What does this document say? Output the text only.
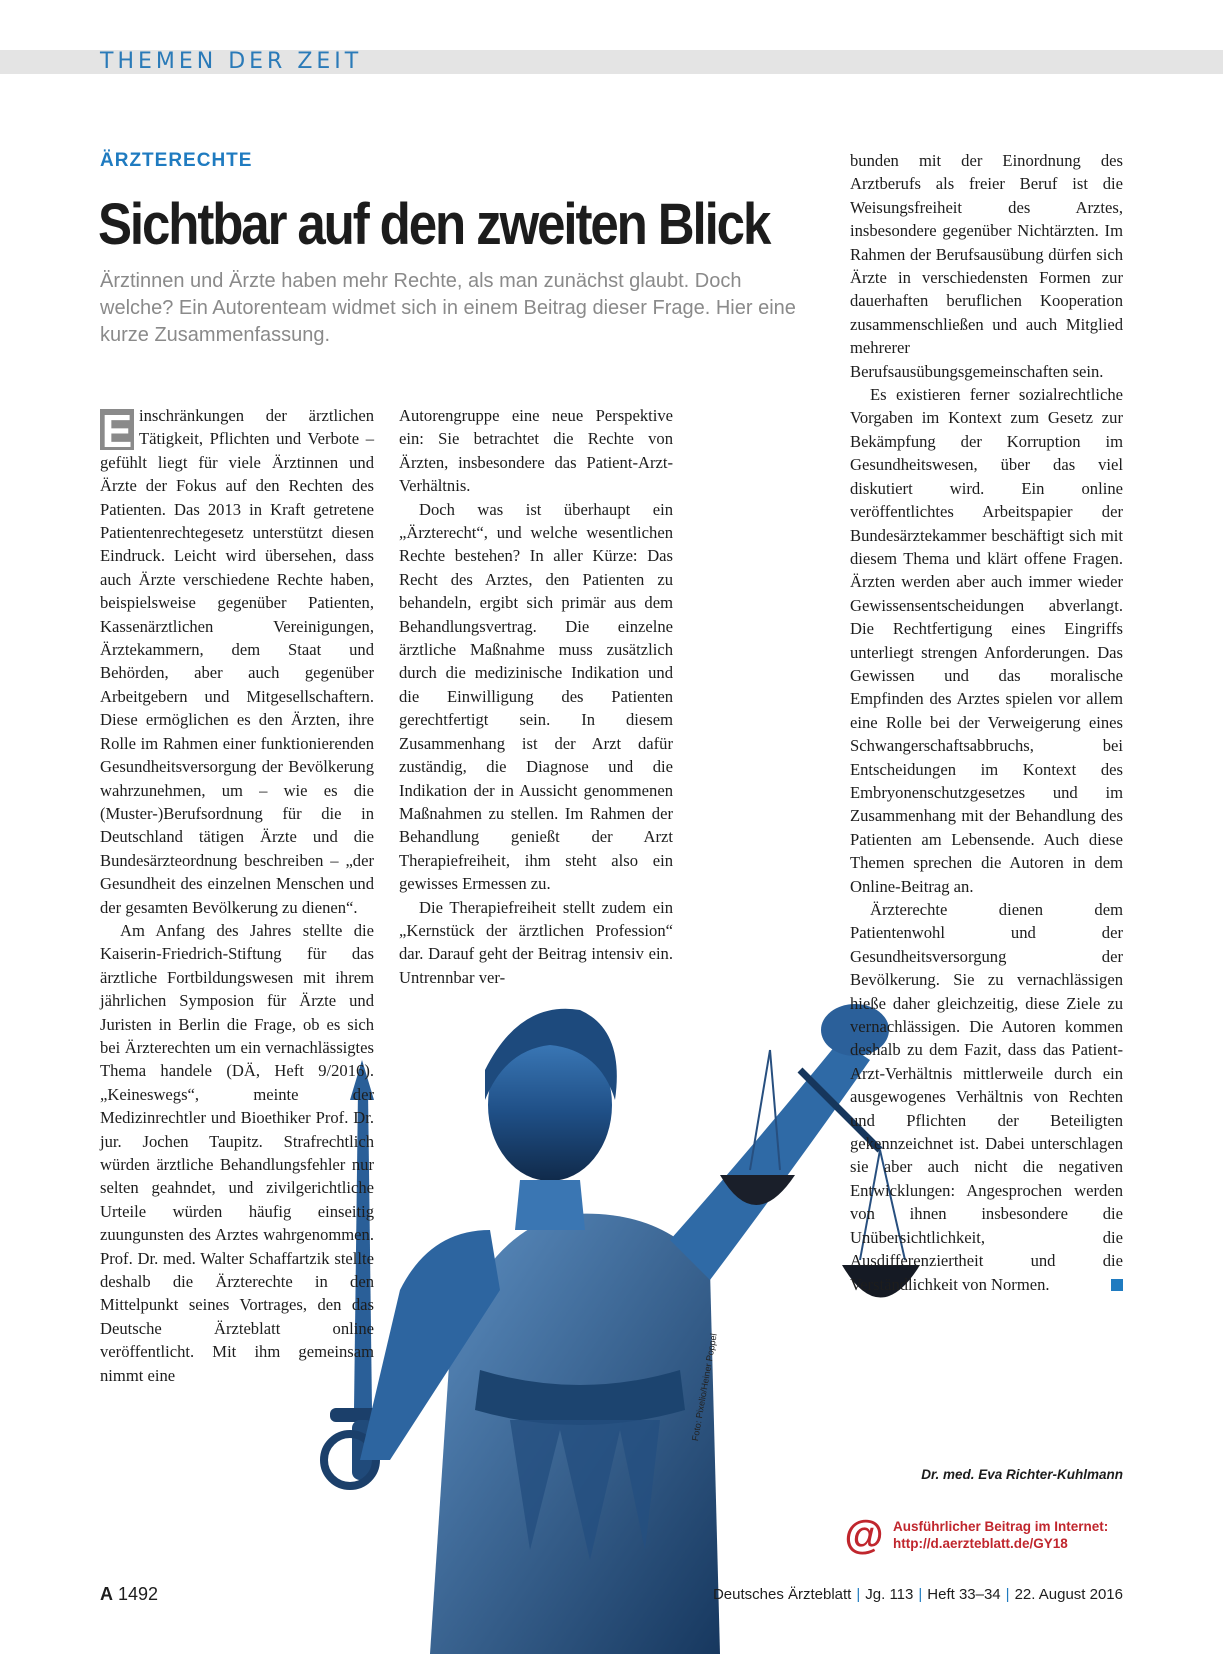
THEMEN DER ZEIT
ÄRZTERECHTE
Sichtbar auf den zweiten Blick

Ärztinnen und Ärzte haben mehr Rechte, als man zunächst glaubt. Doch welche? Ein Autorenteam widmet sich in einem Beitrag dieser Frage. Hier eine kurze Zusammenfassung.

Foto: Pixelio/Heiner Poppel

E inschränkungen der ärztlichen Tätigkeit, Pflichten und Verbote – gefühlt liegt für viele Ärztinnen und Ärzte der Fokus auf den Rechten des Patienten. Das 2013 in Kraft getretene Patientenrechtegesetz unterstützt diesen Eindruck. Leicht wird übersehen, dass auch Ärzte verschiedene Rechte haben, beispielsweise gegenüber Patienten, Kassenärztlichen Vereinigungen, Ärztekammern, dem Staat und Behörden, aber auch gegenüber Arbeitgebern und Mitgesellschaftern. Diese ermöglichen es den Ärzten, ihre Rolle im Rahmen einer funktionierenden Gesundheitsversorgung der Bevölkerung wahrzunehmen, um – wie es die (Muster-)Berufsordnung für die in Deutschland tätigen Ärzte und die Bundesärzteordnung beschreiben – „der Gesundheit des einzelnen Menschen und der gesamten Bevölkerung zu dienen“.

Am Anfang des Jahres stellte die Kaiserin-Friedrich-Stiftung für das ärztliche Fortbildungswesen mit ihrem jährlichen Symposion für Ärzte und Juristen in Berlin die Frage, ob es sich bei Ärzterechten um ein vernachlässigtes Thema handele (DÄ, Heft 9/2016). „Keineswegs“, meinte der Medizinrechtler und Bioethiker Prof. Dr. jur. Jochen Taupitz. Strafrechtlich würden ärztliche Behandlungsfehler nur selten geahndet, und zivilgerichtliche Urteile würden häufig einseitig zuungunsten des Arztes wahrgenommen. Prof. Dr. med. Walter Schaffartzik stellte deshalb die Ärzterechte in den Mittelpunkt seines Vortrages, den das Deutsche Ärzteblatt online veröffentlicht. Mit ihm gemeinsam nimmt eine

Autorengruppe eine neue Perspektive ein: Sie betrachtet die Rechte von Ärzten, insbesondere das Patient-Arzt-Verhältnis.

Doch was ist überhaupt ein „Ärzterecht“, und welche wesentlichen Rechte bestehen? In aller Kürze: Das Recht des Arztes, den Patienten zu behandeln, ergibt sich primär aus dem Behandlungsvertrag. Die einzelne ärztliche Maßnahme muss zusätzlich durch die medizinische Indikation und die Einwilligung des Patienten gerechtfertigt sein. In diesem Zusammenhang ist der Arzt dafür zuständig, die Diagnose und die Indikation der in Aussicht genommenen Maßnahmen zu stellen. Im Rahmen der Behandlung genießt der Arzt Therapiefreiheit, ihm steht also ein gewisses Ermessen zu.

Die Therapiefreiheit stellt zudem ein „Kernstück der ärztlichen Profession“ dar. Darauf geht der Beitrag intensiv ein. Untrennbar ver-

bunden mit der Einordnung des Arztberufs als freier Beruf ist die Weisungsfreiheit des Arztes, insbesondere gegenüber Nichtärzten. Im Rahmen der Berufsausübung dürfen sich Ärzte in verschiedensten Formen zur dauerhaften beruflichen Kooperation zusammenschließen und auch Mitglied mehrerer Berufsausübungsgemeinschaften sein.

Es existieren ferner sozialrechtliche Vorgaben im Kontext zum Gesetz zur Bekämpfung der Korruption im Gesundheitswesen, über das viel diskutiert wird. Ein online veröffentlichtes Arbeitspapier der Bundesärztekammer beschäftigt sich mit diesem Thema und klärt offene Fragen. Ärzten werden aber auch immer wieder Gewissensentscheidungen abverlangt. Die Rechtfertigung eines Eingriffs unterliegt strengen Anforderungen. Das Gewissen und das moralische Empfinden des Arztes spielen vor allem eine Rolle bei der Verweigerung eines Schwangerschaftsabbruchs, bei Entscheidungen im Kontext des Embryonenschutzgesetzes und im Zusammenhang mit der Behandlung des Patienten am Lebensende. Auch diese Themen sprechen die Autoren in dem Online-Beitrag an.

Ärzterechte dienen dem Patientenwohl und der Gesundheitsversorgung der Bevölkerung. Sie zu vernachlässigen hieße daher gleichzeitig, diese Ziele zu vernachlässigen. Die Autoren kommen deshalb zu dem Fazit, dass das Patient-Arzt-Verhältnis mittlerweile durch ein ausgewogenes Verhältnis von Rechten und Pflichten der Beteiligten gekennzeichnet ist. Dabei unterschlagen sie aber auch nicht die negativen Entwicklungen: Angesprochen werden von ihnen insbesondere die Unübersichtlichkeit, die Ausdifferenziertheit und die Verständlichkeit von Normen.

Dr. med. Eva Richter-Kuhlmann
@ Ausführlicher Beitrag im Internet:
http://d.aerzteblatt.de/GY18
A 1492	Deutsches Ärzteblatt | Jg. 113 | Heft 33–34 | 22. August 2016
